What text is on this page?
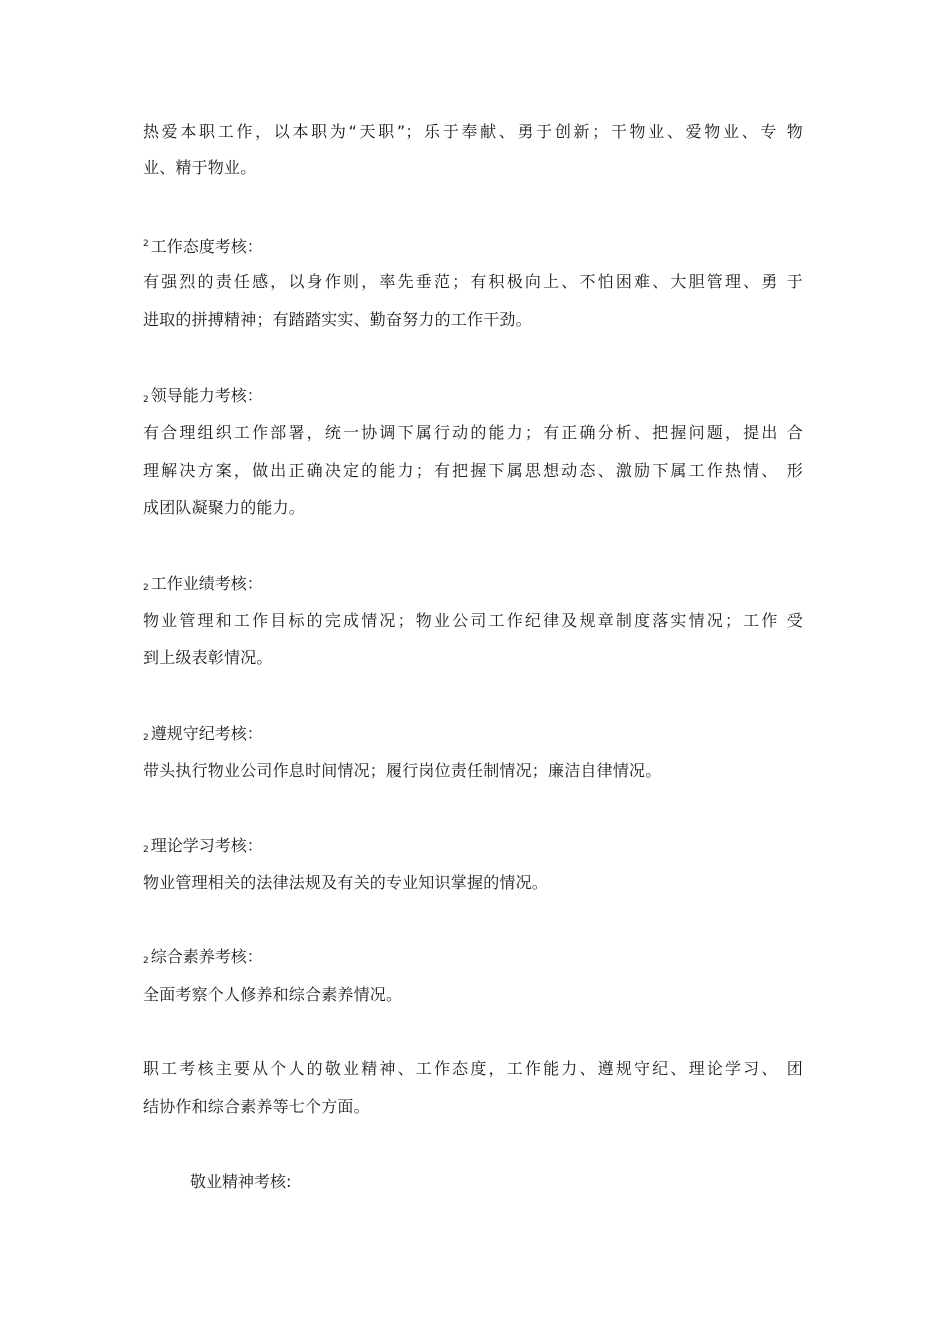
热爱本职工作，以本职为“天职”；乐于奉献、勇于创新；干物业、爱物业、专 物
业、精于物业。
2 工作态度考核：
有强烈的责任感，以身作则，率先垂范；有积极向上、不怕困难、大胆管理、勇 于
进取的拼搏精神；有踏踏实实、勤奋努力的工作干劲。
2 领导能力考核：
有合理组织工作部署，统一协调下属行动的能力；有正确分析、把握问题，提出 合
理解决方案，做出正确决定的能力；有把握下属思想动态、激励下属工作热情、 形
成团队凝聚力的能力。
2 工作业绩考核：
物业管理和工作目标的完成情况；物业公司工作纪律及规章制度落实情况；工作 受
到上级表彰情况。
2 遵规守纪考核：
带头执行物业公司作息时间情况；履行岗位责任制情况；廉洁自律情况。
2 理论学习考核：
物业管理相关的法律法规及有关的专业知识掌握的情况。
2 综合素养考核：
全面考察个人修养和综合素养情况。
职工考核主要从个人的敬业精神、工作态度，工作能力、遵规守纪、理论学习、 团
结协作和综合素养等七个方面。
敬业精神考核:
